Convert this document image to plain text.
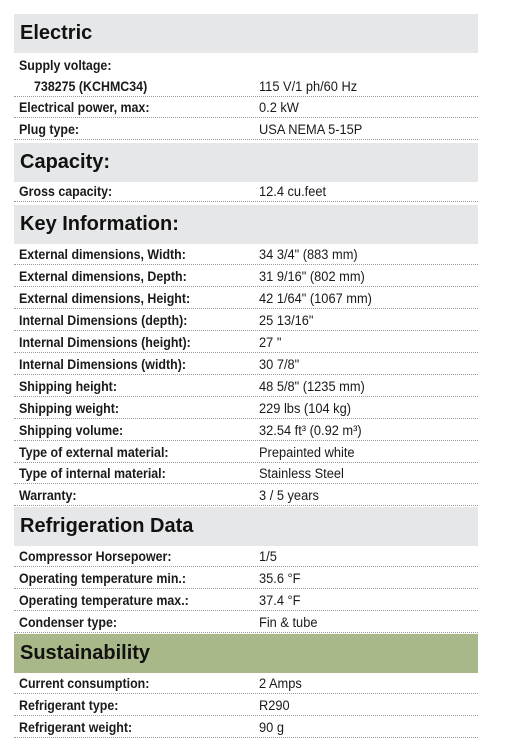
Electric
Supply voltage:
738275 (KCHMC34)	115 V/1 ph/60 Hz
Electrical power, max:	0.2 kW
Plug type:	USA NEMA 5-15P
Capacity:
Gross capacity:	12.4 cu.feet
Key Information:
External dimensions, Width:	34 3/4" (883 mm)
External dimensions, Depth:	31 9/16" (802 mm)
External dimensions, Height:	42 1/64" (1067 mm)
Internal Dimensions (depth):	25 13/16"
Internal Dimensions (height):	27 "
Internal Dimensions (width):	30 7/8"
Shipping height:	48 5/8" (1235 mm)
Shipping weight:	229 lbs (104 kg)
Shipping volume:	32.54 ft³ (0.92 m³)
Type of external material:	Prepainted white
Type of internal material:	Stainless Steel
Warranty:	3 / 5 years
Refrigeration Data
Compressor Horsepower:	1/5
Operating temperature min.:	35.6 °F
Operating temperature max.:	37.4 °F
Condenser type:	Fin & tube
Sustainability
Current consumption:	2 Amps
Refrigerant type:	R290
Refrigerant weight:	90 g
